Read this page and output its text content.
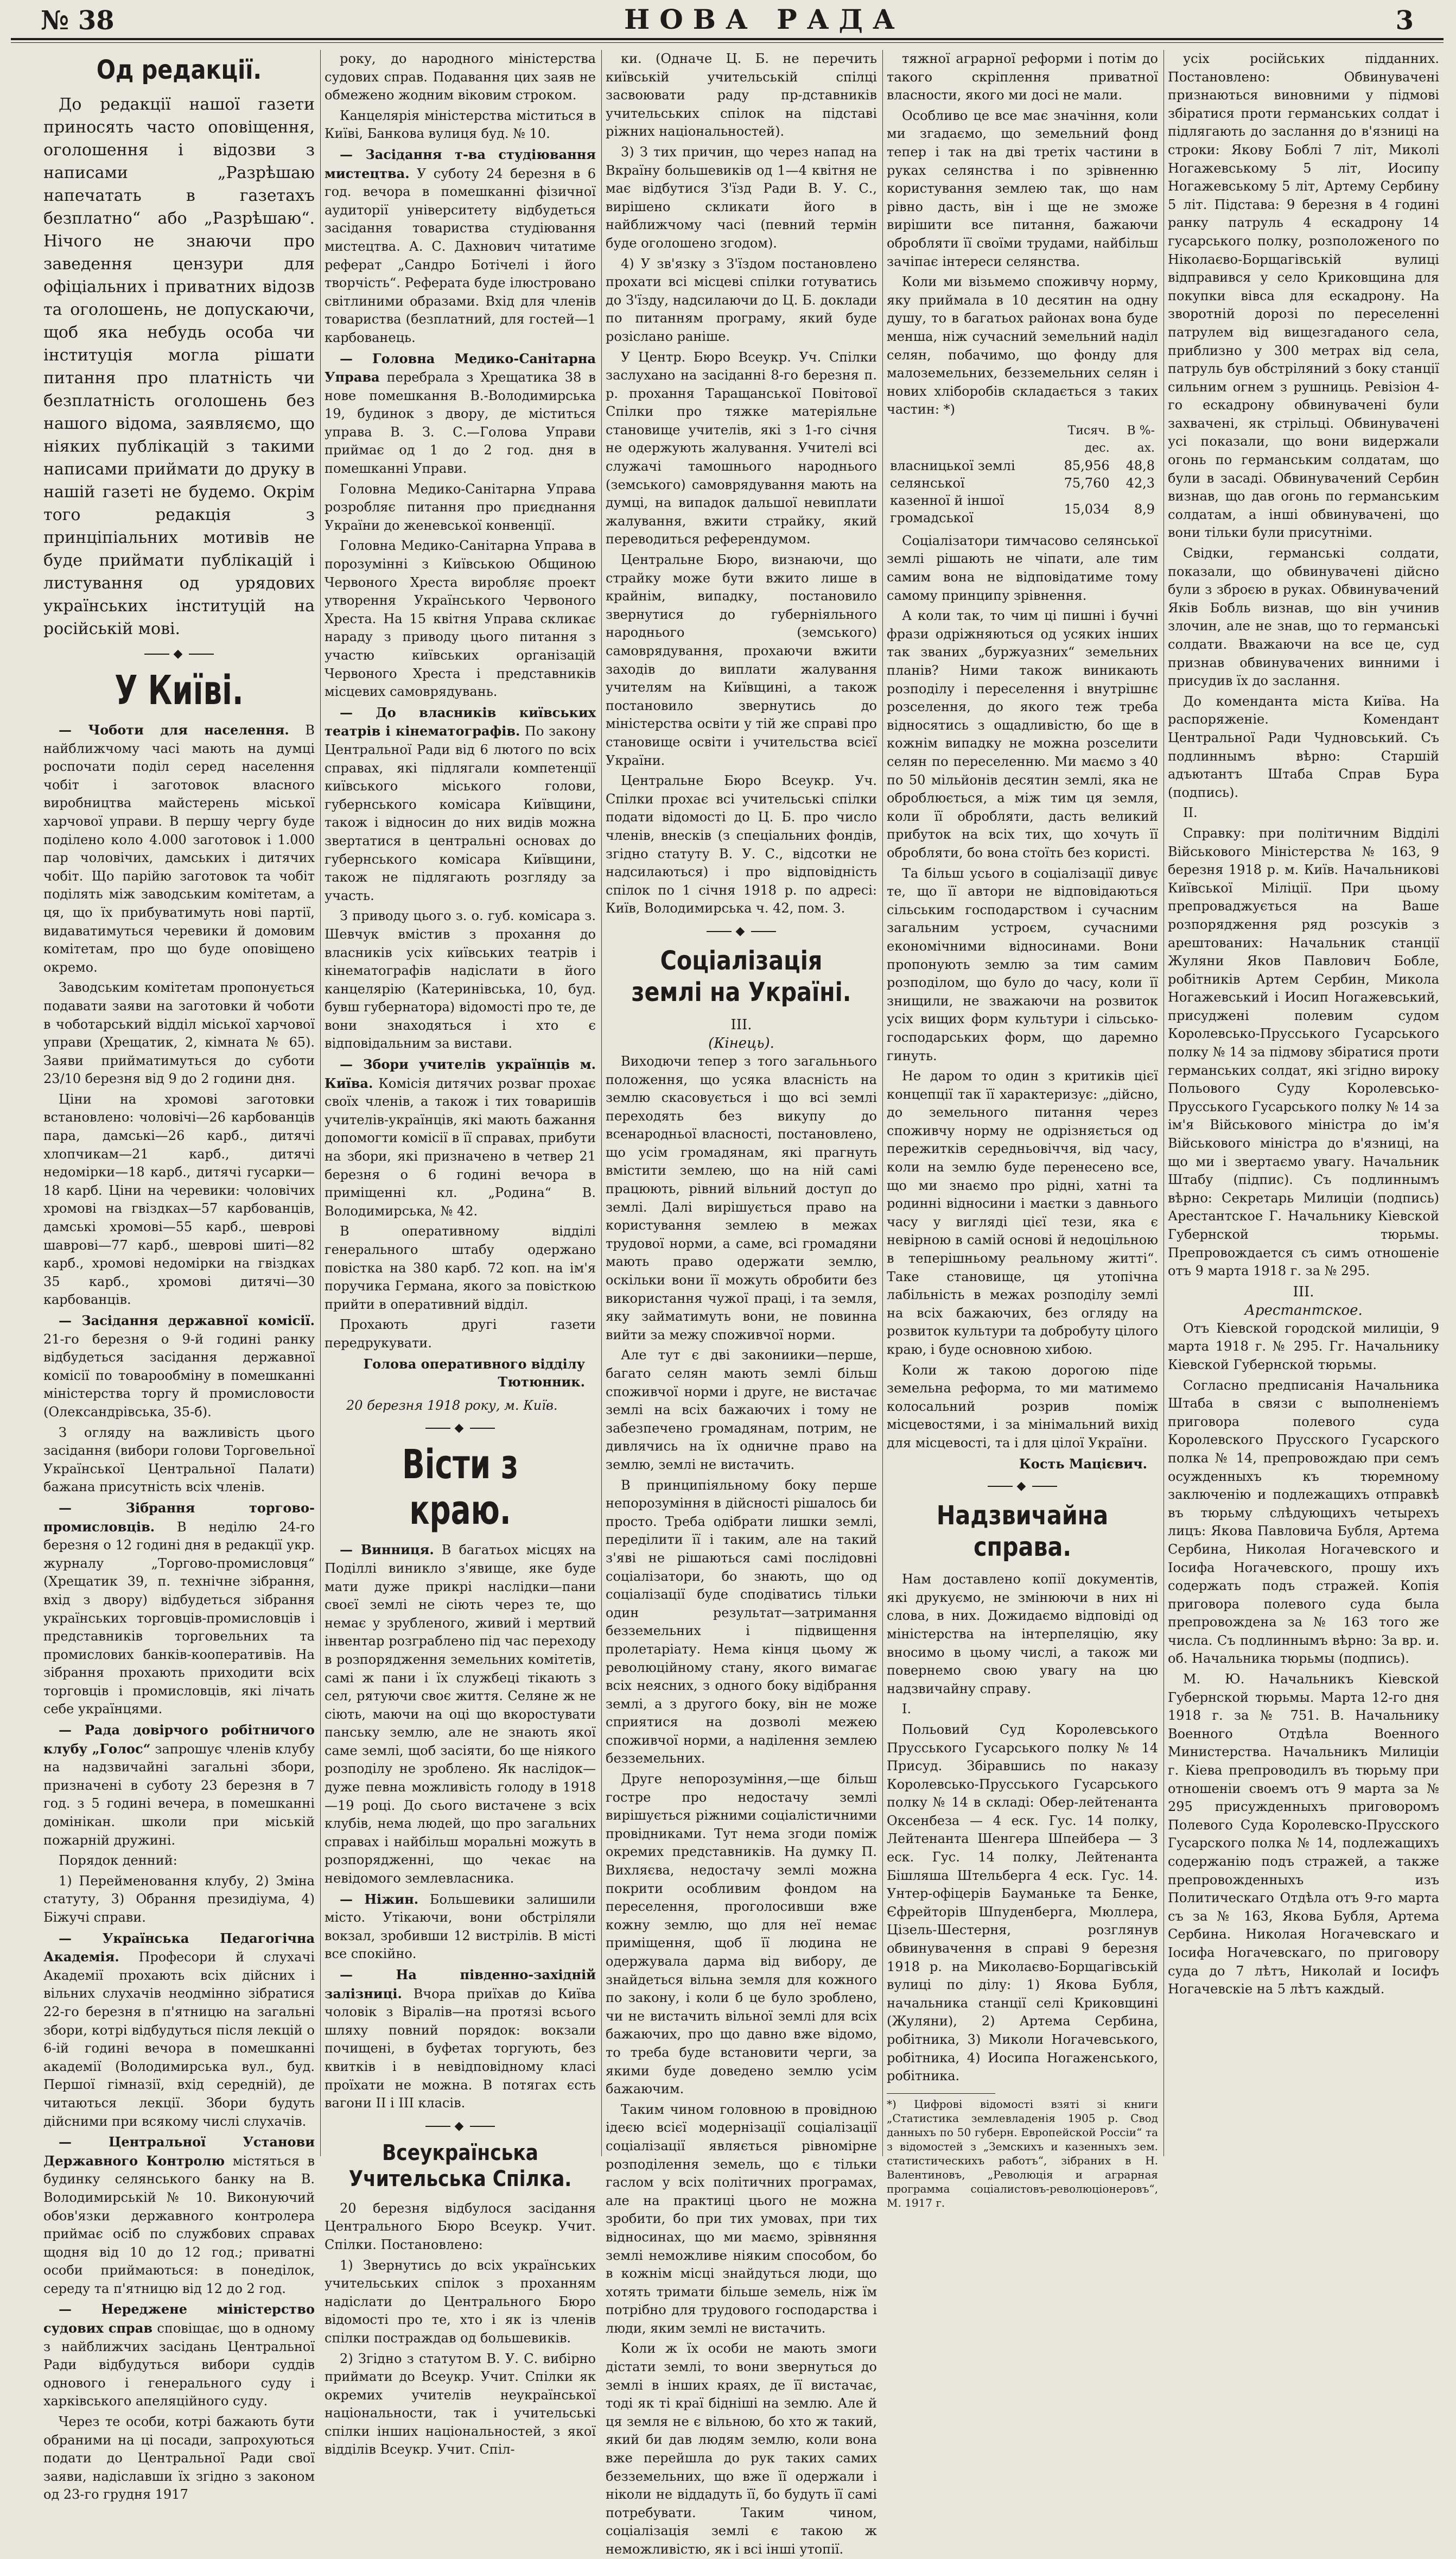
№ 38	НОВА РАДА	3
Од редакції.

До редакції нашої газети приносять часто оповіщення, оголошення і відозви з написами „Разрѣшаю напечатать в газетахъ безплатно“ або „Разрѣшаю“. Нічого не знаючи про заведення цензури для офіціальних і приватних відозв та оголошень, не допускаючи, щоб яка небудь особа чи інституція могла рішати питання про платність чи безплатність оголошень без нашого відома, заявляємо, що ніяких публікацій з такими написами приймати до друку в нашій газеті не будемо. Окрім того редакція з принціпіальних мотивів не буде приймати публікацій і листування од урядових українських інституцій на російській мові.

◆
У Київі.

— Чоботи для населення. В найближчому часі мають на думці роспочати поділ серед населення чобіт і заготовок власного виробництва майстерень міської харчової управи. В першу чергу буде поділено коло 4.000 заготовок і 1.000 пар чоловічих, дамських і дитячих чобіт. Що парійю заготовок та чобіт поділять між заводським комітетам, а ця, що їх прибуватимуть нові партії, видаватимуться черевики й домовим комітетам, про що буде оповіщено окремо.

Заводським комітетам пропонується подавати заяви на заготовки й чоботи в чоботарський відділ міської харчової управи (Хрещатик, 2, кімната № 65). Заяви прийматимуться до суботи 23/10 березня від 9 до 2 години дня.

Ціни на хромові заготовки встановлено: чоловічі—26 карбованців пара, дамські—26 карб., дитячі хлопчикам—21 карб., дитячі недомірки—18 карб., дитячі гусарки—18 карб. Ціни на черевики: чоловічих хромові на гвіздках—57 карбованців, дамські хромові—55 карб., шеврові шаврові—77 карб., шеврові шиті—82 карб., хромові недомірки на гвіздках 35 карб., хромові дитячі—30 карбованців.

— Засідання державної комісії. 21-го березня о 9-й годині ранку відбудеться засідання державної комісії по товарообміну в помешканні міністерства торгу й промисловости (Олександрівська, 35-б).

З огляду на важливість цього засідання (вибори голови Торговельної Української Центральної Палати) бажана присутність всіх членів.

— Зібрання торгово-промисловців. В неділю 24-го березня о 12 годині дня в редакції укр. журналу „Торгово-промисловця“ (Хрещатик 39, п. технічне зібрання, вхід з двору) відбудеться зібрання українських торговців-промисловців і представників торговельних та промислових банків-кооперативів. На зібрання прохають приходити всіх торговців і промисловців, які лічать себе українцями.

— Рада довірчого робітничого клубу „Голос“ запрошує членів клубу на надзвичайні загальні збори, призначені в суботу 23 березня в 7 год. з 5 годині вечера, в помешканні домінікан. школи при міській пожарній дружині.

Порядок денний:

1) Перейменовання клубу, 2) Зміна статуту, 3) Обрання президіума, 4) Біжучі справи.

— Українська Педагогічна Академія. Професори й слухачі Академії прохають всіх дійсних і вільних слухачів неодмінно зібратися 22-го березня в п'ятницю на загальні збори, котрі відбудуться після лекцій о 6-ій годині вечора в помешканні академії (Володимирська вул., буд. Першої гімназії, вхід середній), де читаються лекції. Збори будуть дійсними при всякому числі слухачів.

— Центральної Установи Державного Контролю містяться в будинку селянського банку на В. Володимирській № 10. Виконуючий обов'язки державного контролера приймає осіб по службових справах щодня від 10 до 12 год.; приватні особи приймаються: в понеділок, середу та п'ятницю від 12 до 2 год.

— Нереджене міністерство судових справ сповіщає, що в одному з найближчих засідань Центральної Ради відбудуться вибори суддів однового і генерального суду і харківського апеляційного суду.

Через те особи, котрі бажають бути обраними на ці посади, запрохуються подати до Центральної Ради свої заяви, надіславши їх згідно з законом од 23-го грудня 1917

року, до народного міністерства судових справ. Подавання цих заяв не обмежено жодним віковим строком.

Канцелярія міністерства міститься в Київі, Банкова вулиця буд. № 10.

— Засідання т-ва студіювання мистецтва. У суботу 24 березня в 6 год. вечора в помешканні фізичної аудиторії університету відбудеться засідання товариства студіювання мистецтва. А. С. Дахнович читатиме реферат „Сандро Ботічелі і його творчість“. Реферата буде ілюстровано світлиними образами. Вхід для членів товариства (безплатний, для гостей—1 карбованець.

— Головна Медико-Санітарна Управа перебрала з Хрещатика 38 в нове помешкання В.-Володимирська 19, будинок з двору, де міститься управа В. З. С.—Голова Управи приймає од 1 до 2 год. дня в помешканні Управи.

Головна Медико-Санітарна Управа розробляє питання про приєднання України до женевської конвенції.

Головна Медико-Санітарна Управа в порозумінні з Київською Общиною Червоного Хреста виробляє проект утворення Українського Червоного Хреста. На 15 квітня Управа скликає нараду з приводу цього питання з участю київських організацій Червоного Хреста і представників місцевих самоврядувань.

— До власників київських театрів і кінематографів. По закону Центральної Ради від 6 лютого по всіх справах, які підлягали компетенції київського міського голови, губернського комісара Київщини, також і відносин до них видів можна звертатися в центральні основах до губернського комісара Київщини, також не підлягають розгляду за участь.

З приводу цього з. о. губ. комісара з. Шевчук вмістив з прохання до власників усіх київських театрів і кінематографів надіслати в його канцелярію (Катеринівська, 10, буд. бувш губернатора) відомості про те, де вони знаходяться і хто є відповідальним за вистави.

— Збори учителів українців м. Київа. Комісія дитячих розваг прохає своїх членів, а також і тих товаришів учителів-українців, які мають бажання допомогти комісії в її справах, прибути на збори, які призначено в четвер 21 березня о 6 годині вечора в приміщенні кл. „Родина“ В. Володимирська, № 42.

В оперативному відділі генерального штабу одержано повістка на 380 карб. 72 коп. на ім'я поручика Германа, якого за повісткою прийти в оперативний відділ.

Прохають другі газети передрукувати.

Голова оперативного відділу Тютюнник.
20 березня 1918 року, м. Київ.
◆
Вісти з краю.

— Винниця. В багатьох місцях на Поділлі виникло з'явище, яке буде мати дуже прикрі наслідки—пани своєї землі не сіють через те, що немає у зрубленого, живий і мертвий інвентар розграблено під час переходу в розпорядження земельних комітетів, самі ж пани і їх службеці тікають з сел, рятуючи своє життя. Селяне ж не сіють, маючи на оці що вкоростувати панську землю, але не знають якої саме землі, щоб засіяти, бо ще ніякого розподілу не зроблено. Як наслідок—дуже певна можливість голоду в 1918—19 році. До сього вистачене з всіх клубів, нема людей, що про загальних справах і найбільш моральні можуть в розпорядженні, що чекає на невідомого землевласника.

— Ніжин. Большевики залишили місто. Утікаючи, вони обстріляли вокзал, зробивши 12 вистрілів. В місті все спокійно.

— На південно-західній залізниці. Вчора приїхав до Київа чоловік з Віралів—на протязі всього шляху повний порядок: вокзали почищені, в буфетах торгують, без квитків і в невідповідному класі проїхати не можна. В потягах єсть вагони II і III класів.

◆
Всеукраїнська Учительська Спілка.

20 березня відбулося засідання Центрального Бюро Всеукр. Учит. Спілки. Постановлено:

1) Звернутись до всіх українських учительських спілок з проханням надіслати до Центрального Бюро відомості про те, хто і як із членів спілки постраждав од большевиків.

2) Згідно з статутом В. У. С. вибірно приймати до Всеукр. Учит. Спілки як окремих учителів неукраїнської національности, так і учительські спілки інших національностей, з якої відділів Всеукр. Учит. Спіл-

ки. (Одначе Ц. Б. не перечить київській учительській спілці засвоювати раду пр-дставників учительських спілок на підставі ріжних національностей).

3) З тих причин, що через напад на Вкраїну большевиків од 1—4 квітня не має відбутися З'їзд Ради В. У. С., вирішено скликати його в найближчому часі (певний термін буде оголошено згодом).

4) У зв'язку з З'їздом постановлено прохати всі місцеві спілки готуватись до З'їзду, надсилаючи до Ц. Б. доклади по питанням програму, який буде розіслано раніше.

У Центр. Бюро Всеукр. Уч. Спілки заслухано на засіданні 8-го березня п. р. прохання Таращанської Повітової Спілки про тяжке матеріяльне становище учителів, які з 1-го січня не одержують жалування. Учителі всі служачі тамошнього народнього (земського) самоврядування мають на думці, на випадок дальшої невиплати жалування, вжити страйку, який переводиться референдумом.

Центральне Бюро, визнаючи, що страйку може бути вжито лише в крайнім, випадку, постановило звернутися до губерніяльного народнього (земського) самоврядування, прохаючи вжити заходів до виплати жалування учителям на Київщині, а також постановило звернутись до міністерства освіти у тій же справі про становище освіти і учительства всієї України.

Центральне Бюро Всеукр. Уч. Спілки прохає всі учительські спілки подати відомості до Ц. Б. про число членів, внесків (з спеціальних фондів, згідно статуту В. У. С., відсотки не надсилаються) і про відповідність спілок по 1 січня 1918 р. по адресі: Київ, Володимирська ч. 42, пом. 3.

◆
Соціалізація землі на Україні.

III.

(Кінець).

Виходючи тепер з того загальнього положення, що усяка власність на землю скасовується і що всі землі переходять без викупу до всенародньої власності, постановлено, що усім громадянам, які прагнуть вмістити землею, що на ній самі працюють, рівний вільний доступ до землі. Далі вирішується право на користування землею в межах трудової норми, а саме, всі громадяни мають право одержати землю, оскільки вони її можуть обробити без використання чужої праці, і та земля, яку займатимуть вони, не повинна вийти за межу споживчої норми.

Але тут є дві закониики—перше, багато селян мають землі більш споживчої норми і друге, не вистачає землі на всіх бажаючих і тому не забезпечено громадянам, потрим, не дивлячись на їх одничне право на землю, землі не вистачить.

В принципіяльному боку перше непорозуміння в дійсності рішалось би просто. Треба одібрати лишки землі, переділити її і таким, але на такий з'яві не рішаються самі послідовні соціалізатори, бо знають, що од соціалізації буде сподіватись тільки один результат—затримання безземельних і підвищення пролетаріату. Нема кінця цьому ж революційному стану, якого вимагає всіх неясних, з одного боку відібрання землі, а з другого боку, він не може сприятися на дозволі межею споживчої норми, а наділення землею безземельних.

Друге непорозуміння,—ще більш гостре про недостачу землі вирішується ріжними соціалістичними провідниками. Тут нема згоди поміж окремих представників. На думку П. Вихляєва, недостачу землі можна покрити особливим фондом на переселення, проголосивши вже кожну землю, що для неї немає приміщення, щоб її людина не одержувала дарма від вибору, де знайдеться вільна земля для кожного по закону, і коли б це було зроблено, чи не вистачить вільної землі для всіх бажаючих, про що давно вже відомо, то треба буде встановити черги, за якими буде доведено землю усім бажаючим.

Таким чином головною в провідною ідеєю всієї модернізації соціалізації соціалізації являється рівномірне розподілення земель, що є тільки гаслом у всіх політичних програмах, але на практиці цього не можна зробити, бо при тих умовах, при тих відносинах, що ми маємо, зрівняння землі неможливе ніяким способом, бо в кожнім місці знайдуться люди, що хотять тримати більше земель, ніж їм потрібно для трудового господарства і люди, яким землі не вистачить.

Коли ж їх особи не мають змоги дістати землі, то вони звернуться до землі в інших краях, де її вистачає, тоді як ті краї бідніші на землю. Але й ця земля не є вільною, бо хто ж такий, який би дав людям землю, коли вона вже перейшла до рук таких самих безземельних, що вже її одержали і ніколи не віддадуть її, бо будуть її самі потребувати. Таким чином, соціалізація землі є такою ж неможливістю, як і всі інші утопії.

тяжної аграрної реформи і потім до такого скріплення приватної власности, якого ми досі не мали.

Особливо це все має значіння, коли ми згадаємо, що земельний фонд тепер і так на дві третіх частини в руках селянства і по зрівненню користування землею так, що нам рівно дасть, він і ще не зможе вирішити все питання, бажаючи обробляти її своїми трудами, найбільш зачіпає інтереси селянства.

Коли ми візьмемо споживчу норму, яку приймала в 10 десятин на одну душу, то в багатьох районах вона буде менша, ніж сучасний земельний наділ селян, побачимо, що фонду для малоземельних, безземельних селян і нових хліборобів складається з таких частин: *)

	Тисяч. дес.	В %-ах.
власницької землі	85,956	48,8
селянської	75,760	42,3
казенної й іншої громадської	15,034	8,9

Соціалізатори тимчасово селянської землі рішають не чіпати, але тим самим вона не відповідатиме тому самому принципу зрівнення.

А коли так, то чим ці пишні і бучні фрази одріжняються од усяких інших так званих „буржуазних“ земельних планів? Ними також виникають розподілу і переселення і внутрішнє розселення, до якого теж треба відносятись з ощадливістю, бо ще в кожнім випадку не можна розселити селян по переселенню. Ми маємо з 40 по 50 мільйонів десятин землі, яка не оброблюється, а між тим ця земля, коли її обробляти, дасть великий прибуток на всіх тих, що хочуть її обробляти, бо вона стоїть без користі.

Та більш усього в соціалізації дивує те, що її автори не відповідаються сільським господарством і сучасним загальним устроєм, сучасними економічними відносинами. Вони пропонують землю за тим самим розподілом, що було до часу, коли її знищили, не зважаючи на розвиток усіх вищих форм культури і сільсько-господарських форм, що даремно гинуть.

Не даром то один з критиків цієї концепції так її характеризує: „дійсно, до земельного питання через споживчу норму не одрізняється од пережитків середньовіччя, від часу, коли на землю буде перенесено все, що ми знаємо про рідні, хатні та родинні відносини і маєтки з давнього часу у вигляді цієї тези, яка є невірною в самій основі й недоцільною в теперішньому реальному житті“. Таке становище, ця утопічна лабільність в межах розподілу землі на всіх бажаючих, без огляду на розвиток культури та добробуту цілого краю, і буде основною хибою.

Коли ж такою дорогою піде земельна реформа, то ми матимемо колосальний розрив поміж місцевостями, і за мінімальний вихід для місцевості, та і для цілої України.

Кость Мацієвич.
◆
Надзвичайна справа.

Нам доставлено копії документів, які друкуємо, не змінюючи в них ні слова, в них. Дожидаємо відповіді од міністерства на інтерпеляцію, яку вносимо в цьому числі, а також ми повернемо свою увагу на цю надзвичайну справу.

I.

Польовий Суд Королевського Прусського Гусарського полку № 14 Присуд. Збіравшись по наказу Королевсько-Прусського Гусарського полку № 14 в складі: Обер-лейтенанта Оксенбеза — 4 еск. Гус. 14 полку, Лейтенанта Шенгера Шпейбера — 3 еск. Гус. 14 полку, Лейтенанта Бішляша Штельберга 4 еск. Гус. 14. Унтер-офіцерів Бауманьке та Бенке, Єфрейторів Шпуденберга, Мюллера, Цізель-Шестерня, розглянув обвинувачення в справі 9 березня 1918 р. на Миколаєво-Борщагівській вулиці по ділу: 1) Якова Бубля, начальника станції селі Криковщині (Жуляни), 2) Артема Сербина, робітника, 3) Миколи Ногачевського, робітника, 4) Иосипа Ногаженського, робітника.

*) Цифрові відомості взяті зі книги „Статистика землевладенія 1905 р. Свод данныхъ по 50 губерн. Европейской Россіи“ та з відомостей з „Земскихъ и казенныхъ зем. статистическихъ работъ“, зібраних в Н. Валентиновъ, „Революція и аграрная программа соціалистовъ-революціонеровъ“, М. 1917 г.

усіх російських підданних. Постановлено: Обвинувачені признаються виновними у підмові збіратися проти германських солдат і підлягають до заслання до в'язниці на строки: Якову Боблі 7 літ, Миколі Ногажевському 5 літ, Иосипу Ногажевському 5 літ, Артему Сербину 5 літ. Підстава: 9 березня в 4 годині ранку патруль 4 ескадрону 14 гусарського полку, розположеного по Ніколаєво-Борщагівській вулиці відправився у село Криковщина для покупки вівса для ескадрону. На зворотній дорозі по переселенні патрулем від вищезгаданого села, приблизно у 300 метрах від села, патруль був обстріляний з боку станції сильним огнем з рушниць. Ревізіон 4-го ескадрону обвинувачені були захвачені, як стрільці. Обвинувачені усі показали, що вони видержали огонь по германським солдатам, що були в засаді. Обвинувачений Сербин визнав, що дав огонь по германським солдатам, а інші обвинувачені, що вони тільки були присутніми.

Свідки, германські солдати, показали, що обвинувачені дійсно були з зброєю в руках. Обвинувачений Яків Бобль визнав, що він учинив злочин, але не знав, що то германські солдати. Вважаючи на все це, суд признав обвинувачених винними і присудив їх до заслання.

До коменданта міста Київа. На распоряженіе. Комендант Центральної Ради Чудновський. Съ подлиннымъ вѣрно: Старшій адъютантъ Штаба Справ Бура (подпись).

II.

Справку: при політичним Відділі Військового Міністерства № 163, 9 березня 1918 р. м. Київ. Начальникові Київської Міліції. При цьому препроваджується на Ваше розпорядження ряд розсуків з арештованих: Начальник станції Жуляни Яков Павлович Бобле, робітників Артем Сербин, Микола Ногажевський і Иосип Ногажевський, присуджені полевим судом Королевсько-Прусського Гусарського полку № 14 за підмову збіратися проти германських солдат, які згідно вироку Польового Суду Королевсько-Прусського Гусарського полку № 14 за ім'я Військового міністра до ім'я Військового міністра до в'язниці, на що ми і звертаємо увагу. Начальник Штабу (підпис). Съ подлиннымъ вѣрно: Секретарь Милиціи (подпись) Арестантское Г. Начальнику Кіевской Губернской тюрьмы. Препровождается съ симъ отношеніе отъ 9 марта 1918 г. за № 295.

III.

Арестантское.

Отъ Кіевской городской милиціи, 9 марта 1918 г. № 295. Гг. Начальнику Кіевской Губернской тюрьмы.

Согласно предписанія Начальника Штаба в связи с выполненіемъ приговора полевого суда Королевского Прусского Гусарского полка № 14, препровождаю при семъ осужденныхъ къ тюремному заключенію и подлежащихъ отправкѣ въ тюрьму слѣдующихъ четырехъ лицъ: Якова Павловича Бубля, Артема Сербина, Николая Ногачевского и Іосифа Ногачевского, прошу ихъ содержать подъ стражей. Копія приговора полевого суда была препровождена за № 163 того же числа. Съ подлиннымъ вѣрно: За вр. и. об. Начальника тюрьмы (подпись).

М. Ю. Начальникъ Кіевской Губернской тюрьмы. Марта 12-го дня 1918 г. за № 751. В. Начальнику Военного Отдѣла Военного Министерства. Начальникъ Милиціи г. Кіева препроводилъ въ тюрьму при отношеніи своемъ отъ 9 марта за № 295 присужденныхъ приговоромъ Полевого Суда Королевско-Прусского Гусарского полка № 14, подлежащихъ содержанію подъ стражей, а также препровожденныхъ изъ Политическаго Отдѣла отъ 9-го марта съ за № 163, Якова Бубля, Артема Сербина. Николая Ногачевскаго и Іосифа Ногачевскаго, по приговору суда до 7 лѣтъ, Николай и Іосифъ Ногачевскіе на 5 лѣтъ каждый.
